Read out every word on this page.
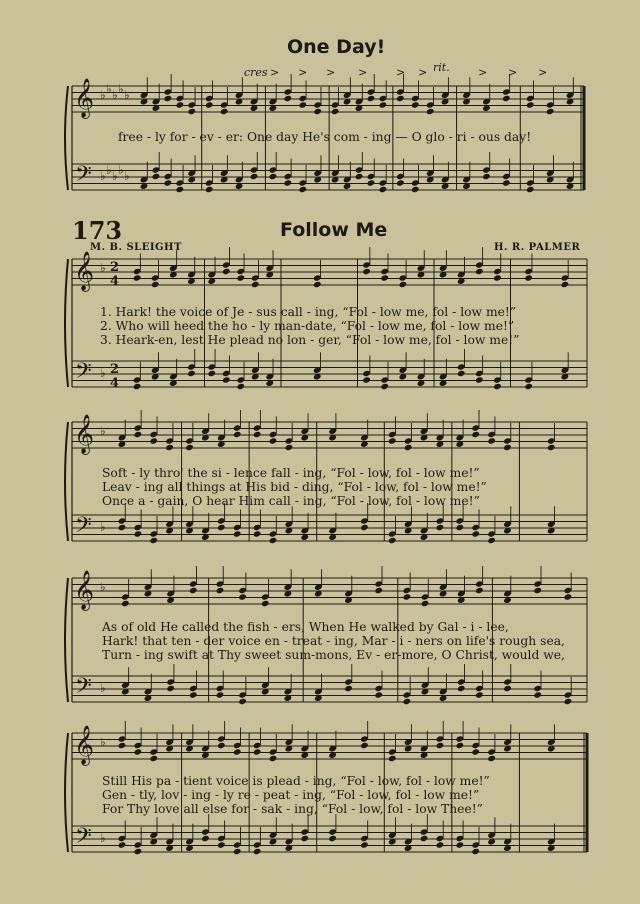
𝄞
𝄢
♭
♭
♭
♭
♭
♭
♭
♭
♭
♭
> > > >	> >	> > >
𝄞
𝄢
♭
♭
2
4
2
4
𝄞
𝄢
♭
♭
𝄞
𝄢
♭
♭
𝄞
𝄢
♭
♭
One Day!
cres	rit.
free - ly for - ev - er: One day He's com - ing — O glo - ri - ous day!
173	Follow Me
M. B. SLEIGHT	H. R. PALMER
1. Hark! the voice of Je - sus call - ing, “Fol - low me, fol - low me!”
2. Who will heed the ho - ly man-date, “Fol - low me, fol - low me!”
3. Heark-en, lest He plead no lon - ger, “Fol - low me, fol - low me!”
Soft - ly thro' the si - lence fall - ing, “Fol - low, fol - low me!”
Leav - ing all things at His bid - ding, “Fol - low, fol - low me!”
Once a - gain, O hear Him call - ing, “Fol - low, fol - low me!”
As of old He called the fish - ers, When He walked by Gal - i - lee,
Hark! that ten - der voice en - treat - ing, Mar - i - ners on life's rough sea,
Turn - ing swift at Thy sweet sum-mons, Ev - er-more, O Christ, would we,
Still His pa - tient voice is plead - ing, “Fol - low, fol - low me!”
Gen - tly, lov - ing - ly re - peat - ing, “Fol - low, fol - low me!”
For Thy love all else for - sak - ing, “Fol - low, fol - low Thee!”
